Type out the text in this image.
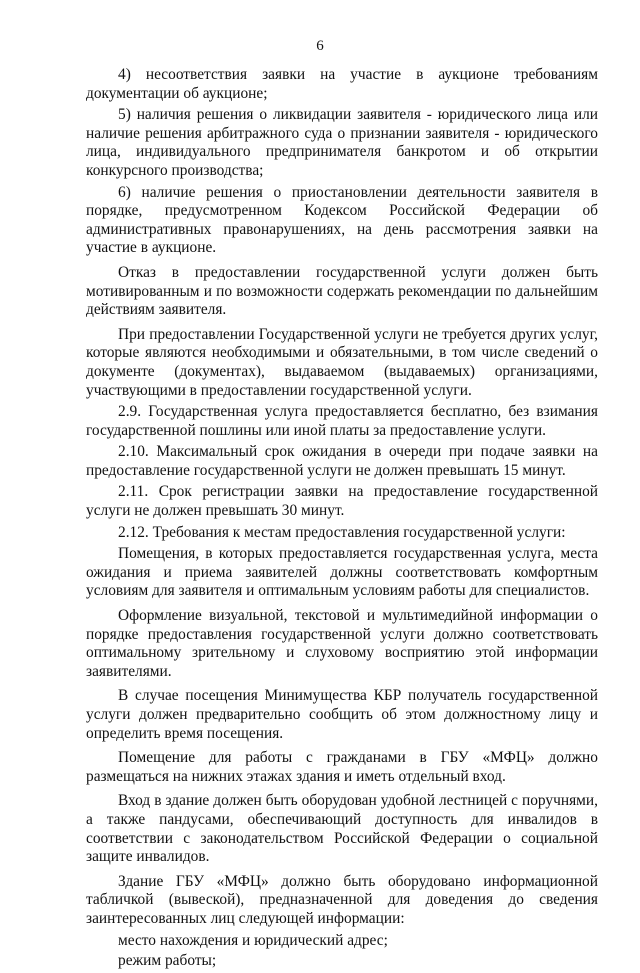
6

4) несоответствия заявки на участие в аукционе требованиям документации об аукционе;

5) наличия решения о ликвидации заявителя - юридического лица или наличие решения арбитражного суда о признании заявителя - юридического лица, индивидуального предпринимателя банкротом и об открытии конкурсного производства;

6) наличие решения о приостановлении деятельности заявителя в порядке, предусмотренном Кодексом Российской Федерации об административных правонарушениях, на день рассмотрения заявки на участие в аукционе.

Отказ в предоставлении государственной услуги должен быть мотивированным и по возможности содержать рекомендации по дальнейшим действиям заявителя.

При предоставлении Государственной услуги не требуется других услуг, которые являются необходимыми и обязательными, в том числе сведений о документе (документах), выдаваемом (выдаваемых) организациями, участвующими в предоставлении государственной услуги.

2.9. Государственная услуга предоставляется бесплатно, без взимания государственной пошлины или иной платы за предоставление услуги.

2.10. Максимальный срок ожидания в очереди при подаче заявки на предоставление государственной услуги не должен превышать 15 минут.

2.11. Срок регистрации заявки на предоставление государственной услуги не должен превышать 30 минут.

2.12. Требования к местам предоставления государственной услуги:

Помещения, в которых предоставляется государственная услуга, места ожидания и приема заявителей должны соответствовать комфортным условиям для заявителя и оптимальным условиям работы для специалистов.

Оформление визуальной, текстовой и мультимедийной информации о порядке предоставления государственной услуги должно соответствовать оптимальному зрительному и слуховому восприятию этой информации заявителями.

В случае посещения Минимущества КБР получатель государственной услуги должен предварительно сообщить об этом должностному лицу и определить время посещения.

Помещение для работы с гражданами в ГБУ «МФЦ» должно размещаться на нижних этажах здания и иметь отдельный вход.

Вход в здание должен быть оборудован удобной лестницей с поручнями, а также пандусами, обеспечивающий доступность для инвалидов в соответствии с законодательством Российской Федерации о социальной защите инвалидов.

Здание ГБУ «МФЦ» должно быть оборудовано информационной табличкой (вывеской), предназначенной для доведения до сведения заинтересованных лиц следующей информации:

место нахождения и юридический адрес;

режим работы;
